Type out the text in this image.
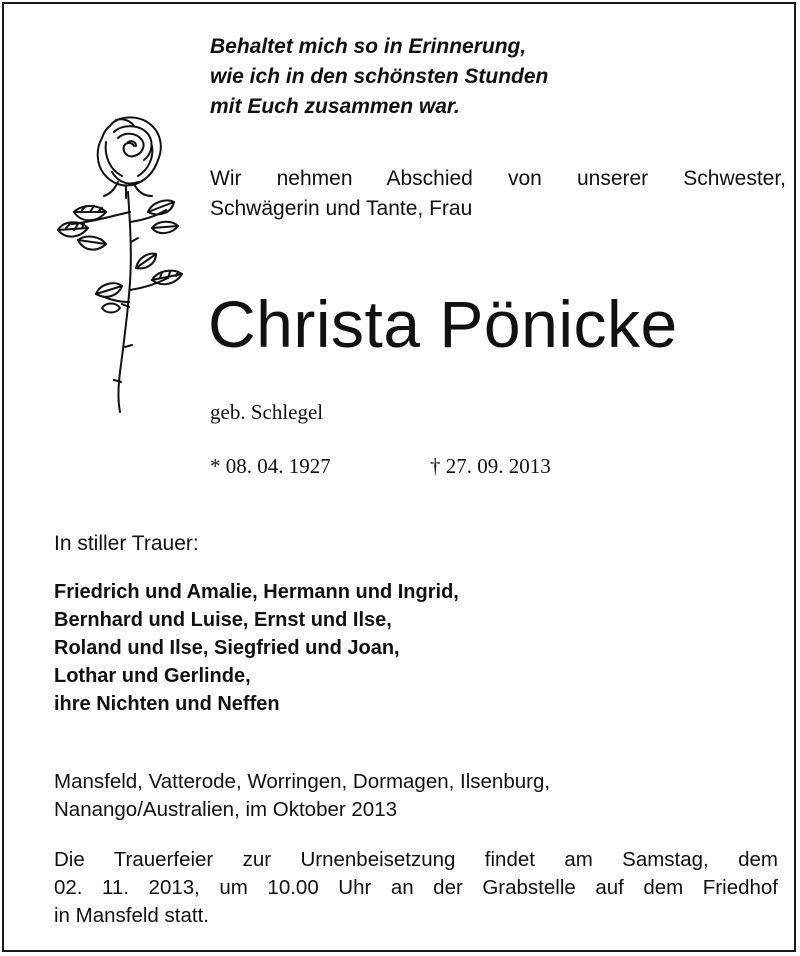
Behaltet mich so in Erinnerung,
wie ich in den schönsten Stunden
mit Euch zusammen war.
Wir nehmen Abschied von unserer Schwester,
Schwägerin und Tante, Frau
Christa Pönicke
geb. Schlegel
* 08. 04. 1927	† 27. 09. 2013
In stiller Trauer:
Friedrich und Amalie, Hermann und Ingrid,
Bernhard und Luise, Ernst und Ilse,
Roland und Ilse, Siegfried und Joan,
Lothar und Gerlinde,
ihre Nichten und Neffen
Mansfeld, Vatterode, Worringen, Dormagen, Ilsenburg,
Nanango/Australien, im Oktober 2013
Die Trauerfeier zur Urnenbeisetzung findet am Samstag, dem
02. 11. 2013, um 10.00 Uhr an der Grabstelle auf dem Friedhof
in Mansfeld statt.
